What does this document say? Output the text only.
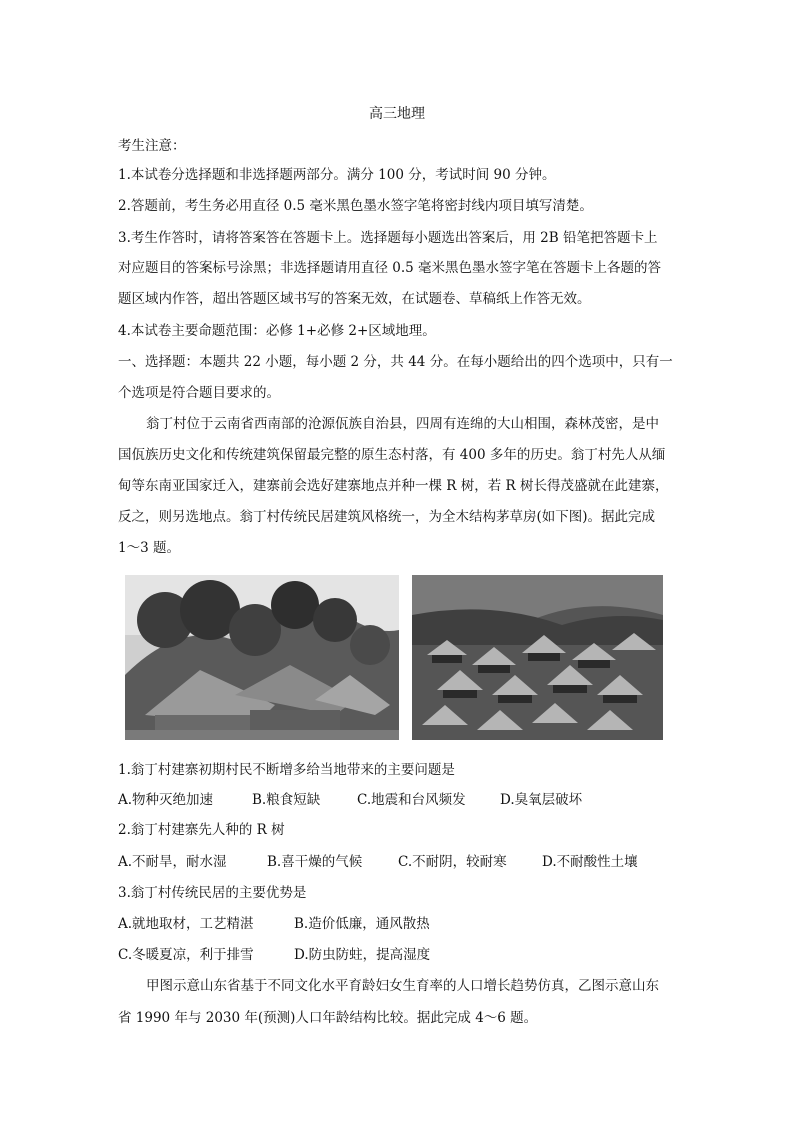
高三地理
考生注意：
1.本试卷分选择题和非选择题两部分。满分 100 分，考试时间 90 分钟。
2.答题前，考生务必用直径 0.5 毫米黑色墨水签字笔将密封线内项目填写清楚。
3.考生作答时，请将答案答在答题卡上。选择题每小题选出答案后，用 2B 铅笔把答题卡上
对应题目的答案标号涂黑；非选择题请用直径 0.5 毫米黑色墨水签字笔在答题卡上各题的答
题区域内作答，超出答题区域书写的答案无效，在试题卷、草稿纸上作答无效。
4.本试卷主要命题范围：必修 1+必修 2+区域地理。
一、选择题：本题共 22 小题，每小题 2 分，共 44 分。在每小题给出的四个选项中，只有一
个选项是符合题目要求的。
翁丁村位于云南省西南部的沧源佤族自治县，四周有连绵的大山相围，森林茂密，是中
国佤族历史文化和传统建筑保留最完整的原生态村落，有 400 多年的历史。翁丁村先人从缅
甸等东南亚国家迁入，建寨前会选好建寨地点并种一棵 R 树，若 R 树长得茂盛就在此建寨，
反之，则另选地点。翁丁村传统民居建筑风格统一，为全木结构茅草房(如下图)。据此完成
1～3 题。
1.翁丁村建寨初期村民不断增多给当地带来的主要问题是
A.物种灭绝加速	B.粮食短缺	C.地震和台风频发	D.臭氧层破坏
2.翁丁村建寨先人种的 R 树
A.不耐旱，耐水湿	B.喜干燥的气候	C.不耐阴，较耐寒	D.不耐酸性土壤
3.翁丁村传统民居的主要优势是
A.就地取材，工艺精湛	B.造价低廉，通风散热
C.冬暖夏凉，利于排雪	D.防虫防蛀，提高湿度
甲图示意山东省基于不同文化水平育龄妇女生育率的人口增长趋势仿真，乙图示意山东
省 1990 年与 2030 年(预测)人口年龄结构比较。据此完成 4～6 题。
